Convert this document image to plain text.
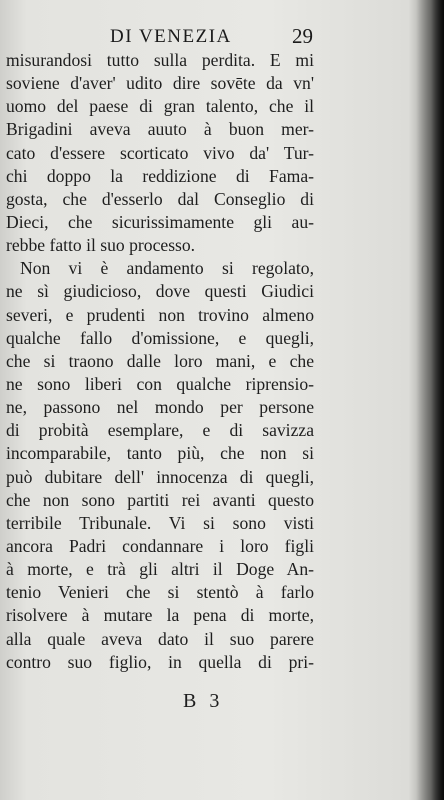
DI VENEZIA	29
misurandosi tutto sulla perdita. E mi
soviene d'aver' udito dire sovēte da vn'
uomo del paese di gran talento, che il
Brigadini aveva auuto à buon mer-
cato d'essere scorticato vivo da' Tur-
chi doppo la reddizione di Fama-
gosta, che d'esserlo dal Conseglio di
Dieci, che sicurissimamente gli au-
rebbe fatto il suo processo.
Non vi è andamento si regolato,
ne sì giudicioso, dove questi Giudici
severi, e prudenti non trovino almeno
qualche fallo d'omissione, e quegli,
che si traono dalle loro mani, e che
ne sono liberi con qualche riprensio-
ne, passono nel mondo per persone
di probità esemplare, e di savizza
incomparabile, tanto più, che non si
può dubitare dell' innocenza di quegli,
che non sono partiti rei avanti questo
terribile Tribunale. Vi si sono visti
ancora Padri condannare i loro figli
à morte, e trà gli altri il Doge An-
tenio Venieri che si stentò à farlo
risolvere à mutare la pena di morte,
alla quale aveva dato il suo parere
contro suo figlio, in quella di pri-
B 3
